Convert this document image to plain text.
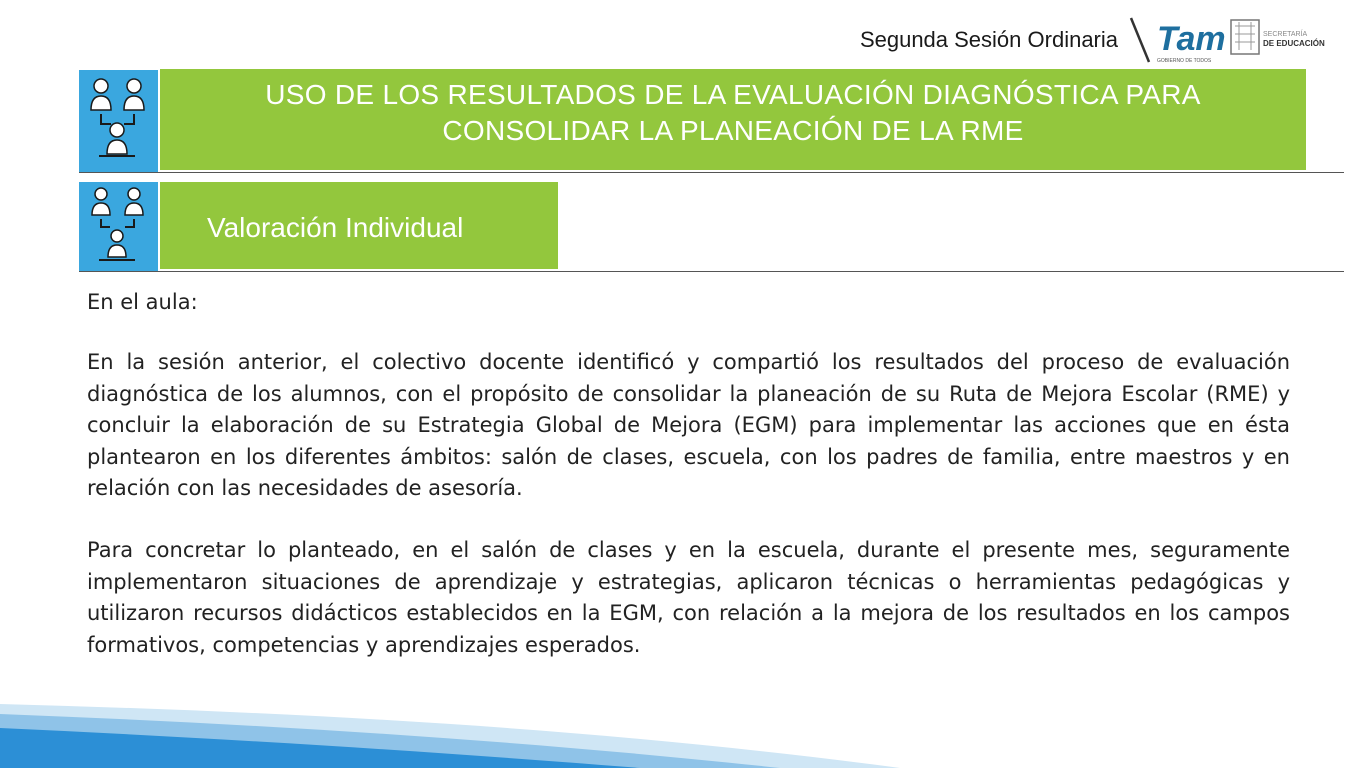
Segunda Sesión Ordinaria Tam
GOBIERNO DE TODOS
SECRETARÍA
DE EDUCACIÓN
USO DE LOS RESULTADOS DE LA EVALUACIÓN DIAGNÓSTICA PARA
CONSOLIDAR LA PLANEACIÓN DE LA RME
Valoración Individual
En el aula:
En la sesión anterior, el colectivo docente identificó y compartió los resultados del proceso de evaluación diagnóstica de los alumnos, con el propósito de consolidar la planeación de su Ruta de Mejora Escolar (RME) y concluir la elaboración de su Estrategia Global de Mejora (EGM) para implementar las acciones que en ésta plantearon en los diferentes ámbitos: salón de clases, escuela, con los padres de familia, entre maestros y en relación con las necesidades de asesoría.
Para concretar lo planteado, en el salón de clases y en la escuela, durante el presente mes, seguramente implementaron situaciones de aprendizaje y estrategias, aplicaron técnicas o herramientas pedagógicas y utilizaron recursos didácticos establecidos en la EGM, con relación a la mejora de los resultados en los campos formativos, competencias y aprendizajes esperados.
